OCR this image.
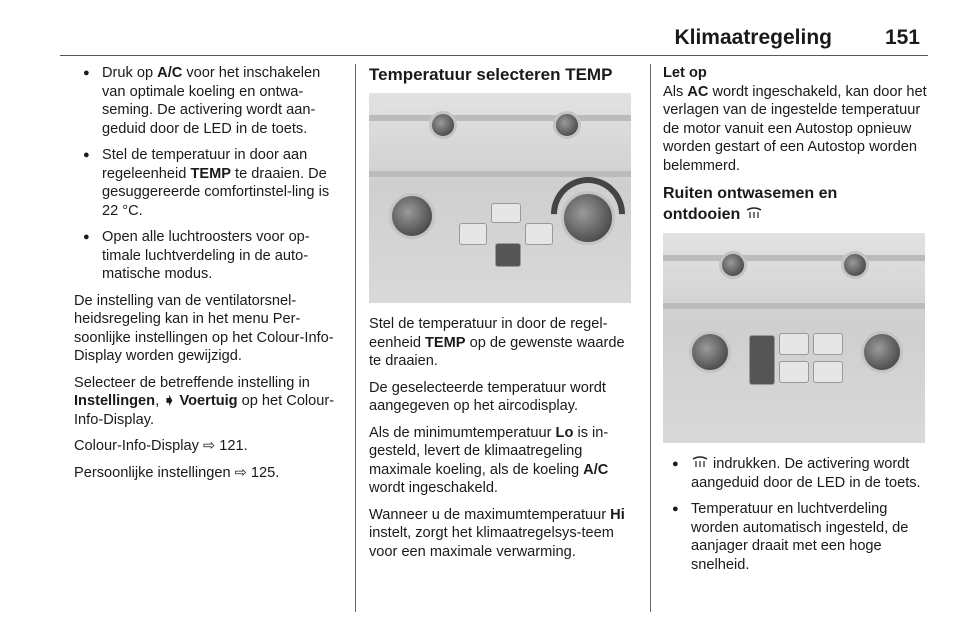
Klimaatregeling	151
● Druk op A/C voor het inschakelen van optimale koeling en ontwa-seming. De activering wordt aan-geduid door de LED in de toets.
● Stel de temperatuur in door aan regeleenheid TEMP te draaien. De gesuggereerde comfortinstel-ling is 22 °C.
● Open alle luchtroosters voor op-timale luchtverdeling in de auto-matische modus.

De instelling van de ventilatorsnel-heidsregeling kan in het menu Per-soonlijke instellingen op het Colour-Info-Display worden gewijzigd.

Selecteer de betreffende instelling in Instellingen, ➧ Voertuig op het Colour-Info-Display.

Colour-Info-Display ⇨ 121.

Persoonlijke instellingen ⇨ 125.

Temperatuur selecteren TEMP

Stel de temperatuur in door de regel-eenheid TEMP op de gewenste waarde te draaien.

De geselecteerde temperatuur wordt aangegeven op het aircodisplay.

Als de minimumtemperatuur Lo is in-gesteld, levert de klimaatregeling maximale koeling, als de koeling A/C wordt ingeschakeld.

Wanneer u de maximumtemperatuur Hi instelt, zorgt het klimaatregelsys-teem voor een maximale verwarming.

Let op

Als AC wordt ingeschakeld, kan door het verlagen van de ingestelde temperatuur de motor vanuit een Autostop opnieuw worden gestart of een Autostop worden belemmerd.

Ruiten ontwasemen en
ontdooien
● indrukken. De activering wordt aangeduid door de LED in de toets.
● Temperatuur en luchtverdeling worden automatisch ingesteld, de aanjager draait met een hoge snelheid.
